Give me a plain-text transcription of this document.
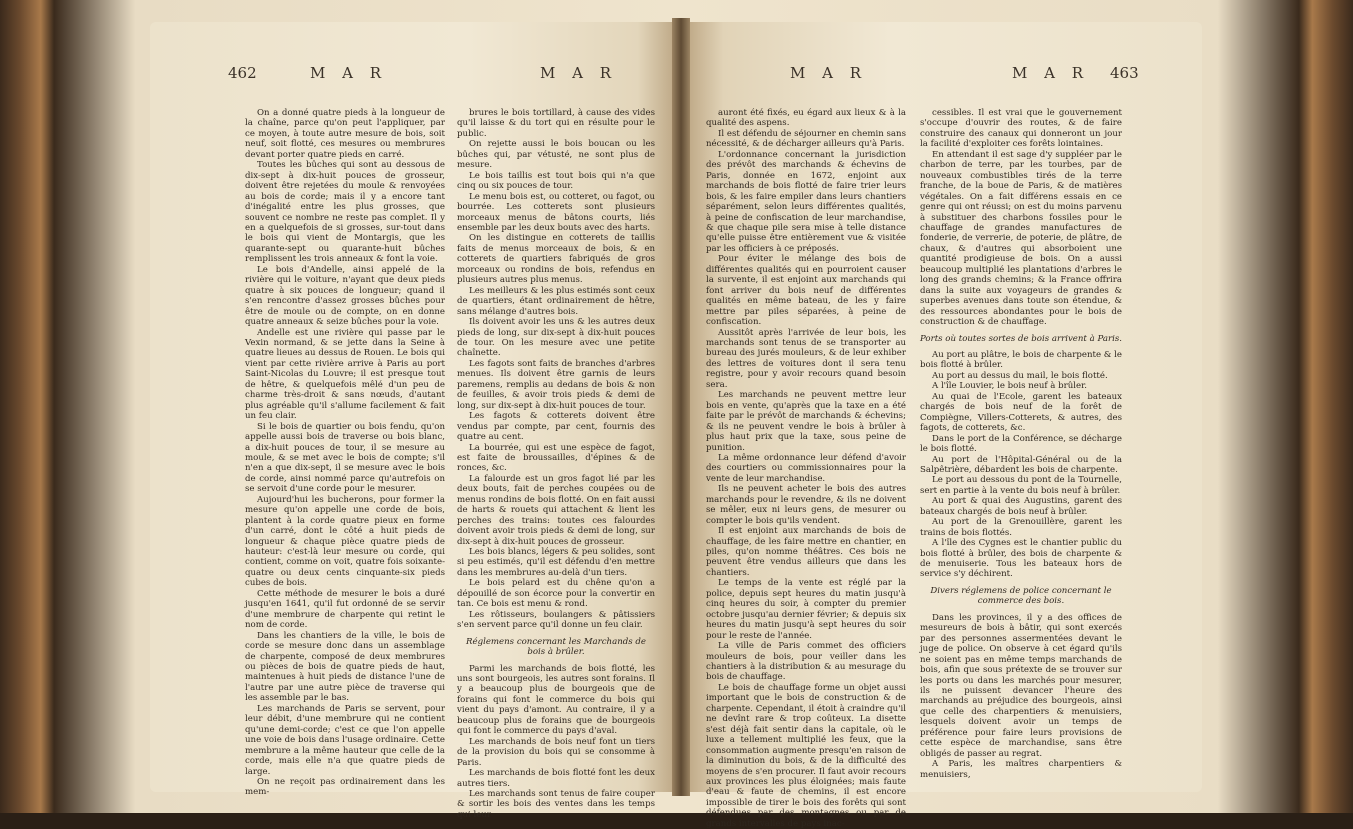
462	M A R	M A R

On a donné quatre pieds à la longueur de la chaîne, parce qu'on peut l'appliquer, par ce moyen, à toute autre mesure de bois, soit neuf, soit flotté, ces mesures ou membrures devant porter quatre pieds en carré.

Toutes les bûches qui sont au dessous de dix-sept à dix-huit pouces de grosseur, doivent être rejetées du moule & renvoyées au bois de corde; mais il y a encore tant d'inégalité entre les plus grosses, que souvent ce nombre ne reste pas complet. Il y en a quelquefois de si grosses, sur-tout dans le bois qui vient de Montargis, que les quarante-sept ou quarante-huit bûches remplissent les trois anneaux & font la voie.

Le bois d'Andelle, ainsi appelé de la rivière qui le voiture, n'ayant que deux pieds quatre à six pouces de longueur; quand il s'en rencontre d'assez grosses bûches pour être de moule ou de compte, on en donne quatre anneaux & seize bûches pour la voie.

Andelle est une rivière qui passe par le Vexin normand, & se jette dans la Seine à quatre lieues au dessus de Rouen. Le bois qui vient par cette rivière arrive à Paris au port Saint-Nicolas du Louvre; il est presque tout de hêtre, & quelquefois mêlé d'un peu de charme très-droit & sans nœuds, d'autant plus agréable qu'il s'allume facilement & fait un feu clair.

Si le bois de quartier ou bois fendu, qu'on appelle aussi bois de traverse ou bois blanc, a dix-huit pouces de tour, il se mesure au moule, & se met avec le bois de compte; s'il n'en a que dix-sept, il se mesure avec le bois de corde, ainsi nommé parce qu'autrefois on se servoit d'une corde pour le mesurer.

Aujourd'hui les bucherons, pour former la mesure qu'on appelle une corde de bois, plantent à la corde quatre pieux en forme d'un carré, dont le côté a huit pieds de longueur & chaque pièce quatre pieds de hauteur: c'est-là leur mesure ou corde, qui contient, comme on voit, quatre fois soixante-quatre ou deux cents cinquante-six pieds cubes de bois.

Cette méthode de mesurer le bois a duré jusqu'en 1641, qu'il fut ordonné de se servir d'une membrure de charpente qui retint le nom de corde.

Dans les chantiers de la ville, le bois de corde se mesure donc dans un assemblage de charpente, composé de deux membrures ou pièces de bois de quatre pieds de haut, maintenues à huit pieds de distance l'une de l'autre par une autre pièce de traverse qui les assemble par le bas.

Les marchands de Paris se servent, pour leur débit, d'une membrure qui ne contient qu'une demi-corde; c'est ce que l'on appelle une voie de bois dans l'usage ordinaire. Cette membrure a la même hauteur que celle de la corde, mais elle n'a que quatre pieds de large.

On ne reçoit pas ordinairement dans les mem-

brures le bois tortillard, à cause des vides qu'il laisse & du tort qui en résulte pour le public.

On rejette aussi le bois boucan ou les bûches qui, par vétusté, ne sont plus de mesure.

Le bois taillis est tout bois qui n'a que cinq ou six pouces de tour.

Le menu bois est, ou cotteret, ou fagot, ou bourrée. Les cotterets sont plusieurs morceaux menus de bâtons courts, liés ensemble par les deux bouts avec des harts.

On les distingue en cotterets de taillis faits de menus morceaux de bois, & en cotterets de quartiers fabriqués de gros morceaux ou rondins de bois, refendus en plusieurs autres plus menus.

Les meilleurs & les plus estimés sont ceux de quartiers, étant ordinairement de hêtre, sans mélange d'autres bois.

Ils doivent avoir les uns & les autres deux pieds de long, sur dix-sept à dix-huit pouces de tour. On les mesure avec une petite chaînette.

Les fagots sont faits de branches d'arbres menues. Ils doivent être garnis de leurs paremens, remplis au dedans de bois & non de feuilles, & avoir trois pieds & demi de long, sur dix-sept à dix-huit pouces de tour.

Les fagots & cotterets doivent être vendus par compte, par cent, fournis des quatre au cent.

La bourrée, qui est une espèce de fagot, est faite de broussailles, d'épines & de ronces, &c.

La falourde est un gros fagot lié par les deux bouts, fait de perches coupées ou de menus rondins de bois flotté. On en fait aussi de harts & rouets qui attachent & lient les perches des trains: toutes ces falourdes doivent avoir trois pieds & demi de long, sur dix-sept à dix-huit pouces de grosseur.

Les bois blancs, légers & peu solides, sont si peu estimés, qu'il est défendu d'en mettre dans les membrures au-delà d'un tiers.

Le bois pelard est du chêne qu'on a dépouillé de son écorce pour la convertir en tan. Ce bois est menu & rond.

Les rôtisseurs, boulangers & pâtissiers s'en servent parce qu'il donne un feu clair.

Réglemens concernant les Marchands de bois à brûler.

Parmi les marchands de bois flotté, les uns sont bourgeois, les autres sont forains. Il y a beaucoup plus de bourgeois que de forains qui font le commerce du bois qui vient du pays d'amont. Au contraire, il y a beaucoup plus de forains que de bourgeois qui font le commerce du pays d'aval.

Les marchands de bois neuf font un tiers de la provision du bois qui se consomme à Paris.

Les marchands de bois flotté font les deux autres tiers.

Les marchands sont tenus de faire couper & sortir les bois des ventes dans les temps qui leur

M A R	M A R 463

auront été fixés, eu égard aux lieux & à la qualité des aspens.

Il est défendu de séjourner en chemin sans nécessité, & de décharger ailleurs qu'à Paris.

L'ordonnance concernant la jurisdiction des prévôt des marchands & échevins de Paris, donnée en 1672, enjoint aux marchands de bois flotté de faire trier leurs bois, & les faire empiler dans leurs chantiers séparément, selon leurs différentes qualités, à peine de confiscation de leur marchandise, & que chaque pile sera mise à telle distance qu'elle puisse être entièrement vue & visitée par les officiers à ce préposés.

Pour éviter le mélange des bois de différentes qualités qui en pourroient causer la survente, il est enjoint aux marchands qui font arriver du bois neuf de différentes qualités en même bateau, de les y faire mettre par piles séparées, à peine de confiscation.

Aussitôt après l'arrivée de leur bois, les marchands sont tenus de se transporter au bureau des jurés mouleurs, & de leur exhiber des lettres de voitures dont il sera tenu registre, pour y avoir recours quand besoin sera.

Les marchands ne peuvent mettre leur bois en vente, qu'après que la taxe en a été faite par le prévôt de marchands & échevins; & ils ne peuvent vendre le bois à brûler à plus haut prix que la taxe, sous peine de punition.

La même ordonnance leur défend d'avoir des courtiers ou commissionnaires pour la vente de leur marchandise.

Ils ne peuvent acheter le bois des autres marchands pour le revendre, & ils ne doivent se mêler, eux ni leurs gens, de mesurer ou compter le bois qu'ils vendent.

Il est enjoint aux marchands de bois de chauffage, de les faire mettre en chantier, en piles, qu'on nomme théâtres. Ces bois ne peuvent être vendus ailleurs que dans les chantiers.

Le temps de la vente est réglé par la police, depuis sept heures du matin jusqu'à cinq heures du soir, à compter du premier octobre jusqu'au dernier février; & depuis six heures du matin jusqu'à sept heures du soir pour le reste de l'année.

La ville de Paris commet des officiers mouleurs de bois, pour veiller dans les chantiers à la distribution & au mesurage du bois de chauffage.

Le bois de chauffage forme un objet aussi important que le bois de construction & de charpente. Cependant, il étoit à craindre qu'il ne devînt rare & trop coûteux. La disette s'est déjà fait sentir dans la capitale, où le luxe a tellement multiplié les feux, que la consommation augmente presqu'en raison de la diminution du bois, & de la difficulté des moyens de s'en procurer. Il faut avoir recours aux provinces les plus éloignées; mais faute d'eau & faute de chemins, il est encore impossible de tirer le bois des forêts qui sont défendues par des montagnes ou par de grands intervalles de pays inac-

cessibles. Il est vrai que le gouvernement s'occupe d'ouvrir des routes, & de faire construire des canaux qui donneront un jour la facilité d'exploiter ces forêts lointaines.

En attendant il est sage d'y suppléer par le charbon de terre, par les tourbes, par de nouveaux combustibles tirés de la terre franche, de la boue de Paris, & de matières végétales. On a fait différens essais en ce genre qui ont réussi; on est du moins parvenu à substituer des charbons fossiles pour le chauffage de grandes manufactures de fonderie, de verrerie, de poterie, de plâtre, de chaux, & d'autres qui absorboient une quantité prodigieuse de bois. On a aussi beaucoup multiplié les plantations d'arbres le long des grands chemins; & la France offrira dans la suite aux voyageurs de grandes & superbes avenues dans toute son étendue, & des ressources abondantes pour le bois de construction & de chauffage.

Ports où toutes sortes de bois arrivent à Paris.

Au port au plâtre, le bois de charpente & le bois flotté à brûler.

Au port au dessus du mail, le bois flotté.

A l'île Louvier, le bois neuf à brûler.

Au quai de l'Ecole, garent les bateaux chargés de bois neuf de la forêt de Compiègne, Villers-Cotterets, & autres, des fagots, de cotterets, &c.

Dans le port de la Conférence, se décharge le bois flotté.

Au port de l'Hôpital-Général ou de la Salpêtrière, débardent les bois de charpente.

Le port au dessous du pont de la Tournelle, sert en partie à la vente du bois neuf à brûler.

Au port & quai des Augustins, garent des bateaux chargés de bois neuf à brûler.

Au port de la Grenouillère, garent les trains de bois flottés.

A l'île des Cygnes est le chantier public du bois flotté à brûler, des bois de charpente & de menuiserie. Tous les bateaux hors de service s'y déchirent.

Divers réglemens de police concernant le commerce des bois.

Dans les provinces, il y a des offices de mesureurs de bois à bâtir, qui sont exercés par des personnes assermentées devant le juge de police. On observe à cet égard qu'ils ne soient pas en même temps marchands de bois, afin que sous prétexte de se trouver sur les ports ou dans les marchés pour mesurer, ils ne puissent devancer l'heure des marchands au préjudice des bourgeois, ainsi que celle des charpentiers & menuisiers, lesquels doivent avoir un temps de préférence pour faire leurs provisions de cette espèce de marchandise, sans être obligés de passer au regrat.

A Paris, les maîtres charpentiers & menuisiers,
